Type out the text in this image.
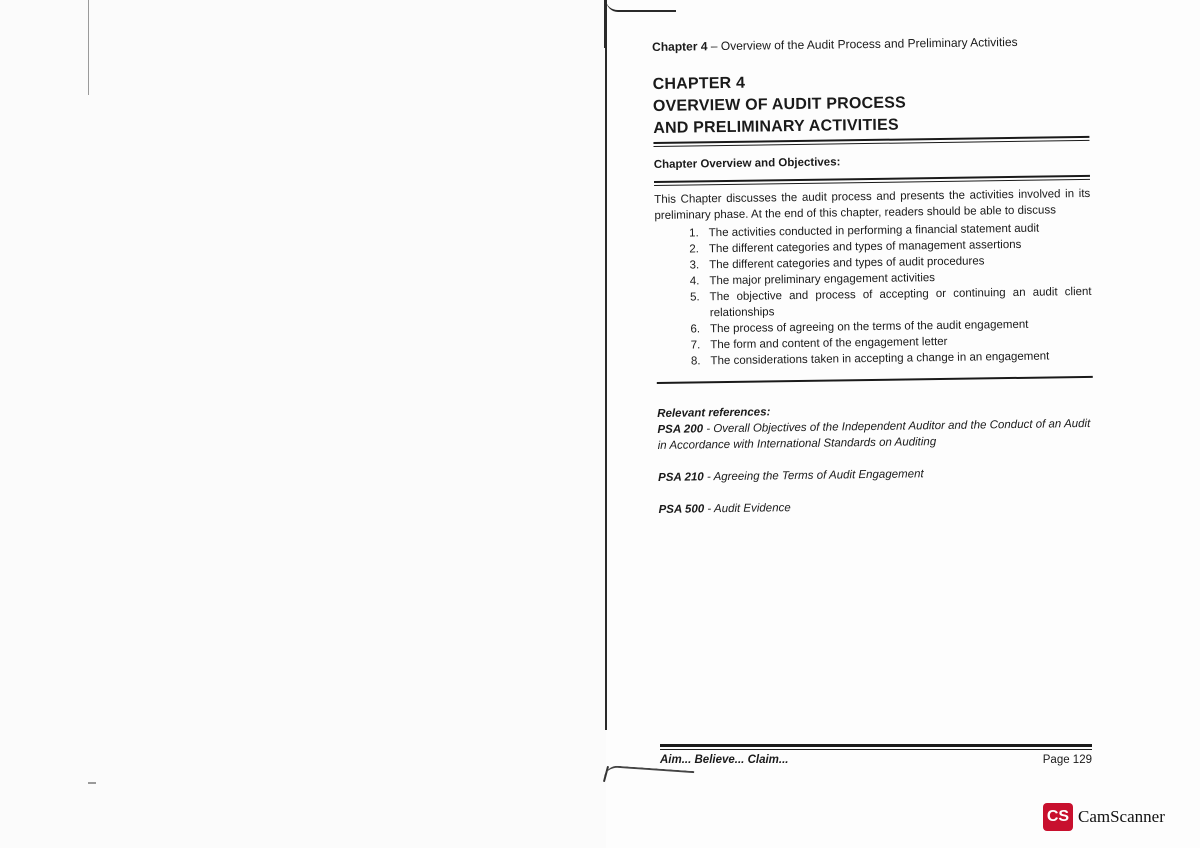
Chapter 4 – Overview of the Audit Process and Preliminary Activities
CHAPTER 4
OVERVIEW OF AUDIT PROCESS
AND PRELIMINARY ACTIVITIES
Chapter Overview and Objectives:
This Chapter discusses the audit process and presents the activities involved in its preliminary phase. At the end of this chapter, readers should be able to discuss
1. The activities conducted in performing a financial statement audit
2. The different categories and types of management assertions
3. The different categories and types of audit procedures
4. The major preliminary engagement activities
5. The objective and process of accepting or continuing an audit client relationships
6. The process of agreeing on the terms of the audit engagement
7. The form and content of the engagement letter
8. The considerations taken in accepting a change in an engagement
Relevant references:
PSA 200 - Overall Objectives of the Independent Auditor and the Conduct of an Audit in Accordance with International Standards on Auditing
PSA 210 - Agreeing the Terms of Audit Engagement
PSA 500 - Audit Evidence
Aim... Believe... Claim...	Page 129
CS CamScanner
